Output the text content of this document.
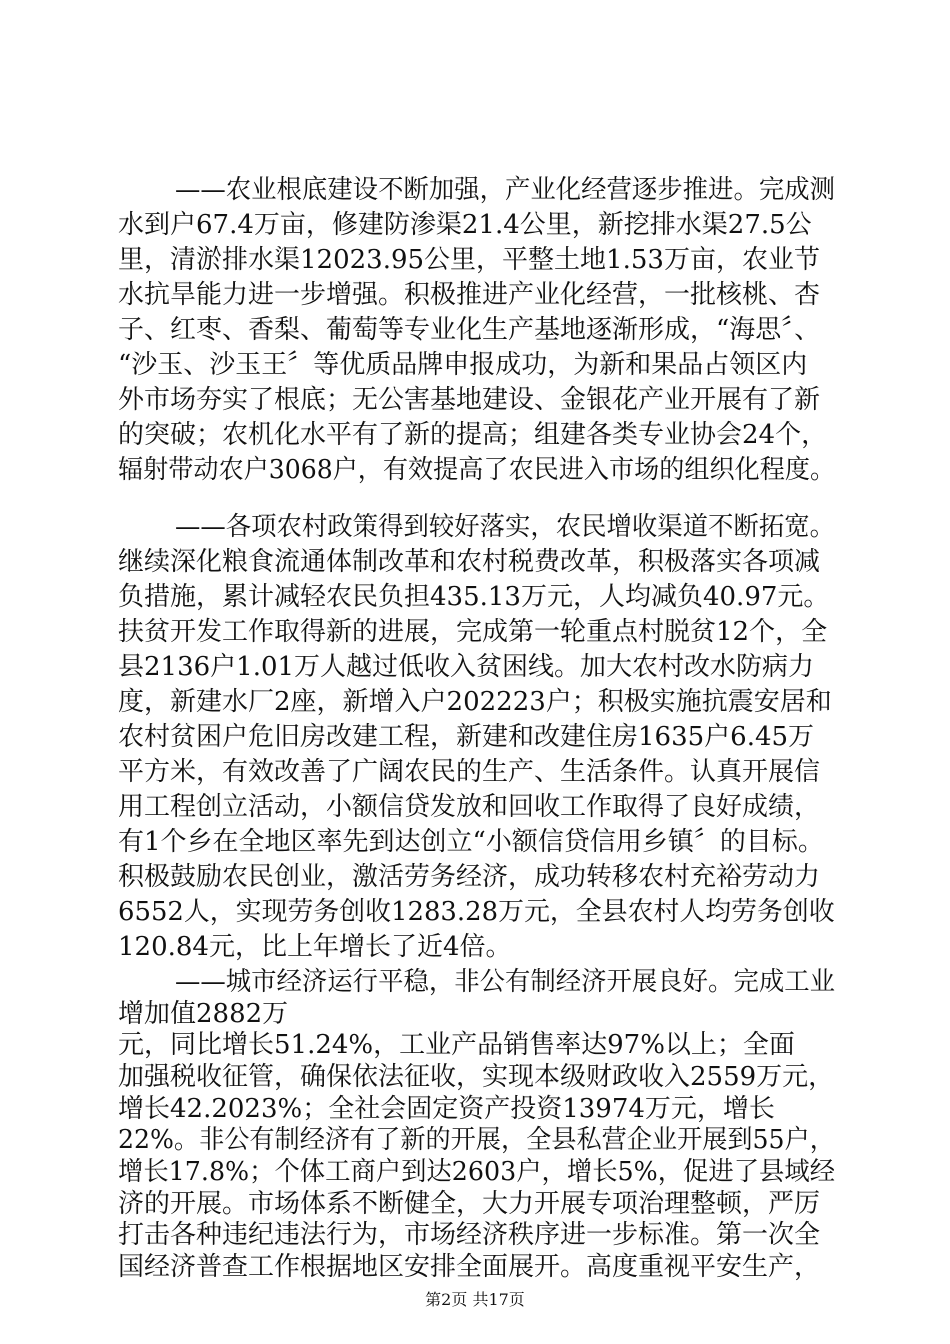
——农业根底建设不断加强，产业化经营逐步推进。完成测
水到户67.4万亩，修建防渗渠21.4公里，新挖排水渠27.5公
里，清淤排水渠12023.95公里，平整土地1.53万亩，农业节
水抗旱能力进一步增强。积极推进产业化经营，一批核桃、杏
子、红枣、香梨、葡萄等专业化生产基地逐渐形成，“海思〞、
“沙玉、沙玉王〞等优质品牌申报成功，为新和果品占领区内
外市场夯实了根底；无公害基地建设、金银花产业开展有了新
的突破；农机化水平有了新的提高；组建各类专业协会24个，
辐射带动农户3068户，有效提高了农民进入市场的组织化程度。
——各项农村政策得到较好落实，农民增收渠道不断拓宽。
继续深化粮食流通体制改革和农村税费改革，积极落实各项减
负措施，累计减轻农民负担435.13万元，人均减负40.97元。
扶贫开发工作取得新的进展，完成第一轮重点村脱贫12个，全
县2136户1.01万人越过低收入贫困线。加大农村改水防病力
度，新建水厂2座，新增入户202223户；积极实施抗震安居和
农村贫困户危旧房改建工程，新建和改建住房1635户6.45万
平方米，有效改善了广阔农民的生产、生活条件。认真开展信
用工程创立活动，小额信贷发放和回收工作取得了良好成绩，
有1个乡在全地区率先到达创立“小额信贷信用乡镇〞的目标。
积极鼓励农民创业，激活劳务经济，成功转移农村充裕劳动力
6552人，实现劳务创收1283.28万元，全县农村人均劳务创收
120.84元，比上年增长了近4倍。
——城市经济运行平稳，非公有制经济开展良好。完成工业
增加值2882万
元，同比增长51.24%，工业产品销售率达97%以上；全面
加强税收征管，确保依法征收，实现本级财政收入2559万元，
增长42.2023%；全社会固定资产投资13974万元，增长
22%。非公有制经济有了新的开展，全县私营企业开展到55户，
增长17.8%；个体工商户到达2603户，增长5%，促进了县域经
济的开展。市场体系不断健全，大力开展专项治理整顿，严厉
打击各种违纪违法行为，市场经济秩序进一步标准。第一次全
国经济普查工作根据地区安排全面展开。高度重视平安生产，
第2页 共17页
